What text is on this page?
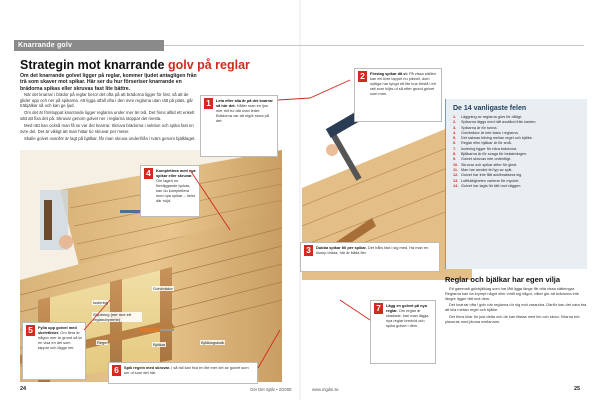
Knarrande golv
Strategin mot knarrande golv på reglar
Om det knarrande golvet ligger på reglar, kommer ljudet antagligen från trä som skaver mot spikar. Här ser du hur förseriser knarrande en brädorna spikas eller skruvas fast lite bättre.

När det knarrar i brädor på reglar beror det ofta på att brädorna ligger för löst, så att de glider upp och ner på spikarna. Att ligga utfall ofta i den övre reglarna utan rätt på plats, går träbjälkar så och kan ge ljud.

Om det är förstoppat knarrande ligger reglarna under mer än två. Det finns alltid ett enkelt sätt att fixa det på. Skruvar genom golvet ner i reglarna stoppar det mesta.

Med rätt kan också man få se var det knarrar. Skruva brädorna i sektion och spika fast en övre del. Det är viktigt att man hittar tio skruvar per meter.

Skalle golvet ovanför är lagt på bjälkar, får man skruva underifrån i tvärs genom bjälklaget.

1	Leta efter alla år på det knarrar så hör det. Håller man en ljus mer mit bo där man leder. Brädorna var att utgör stora på det.
2	Förslag spikar då vi: På vissa ställen kan ett övre tappet nu pikeoll, dom nyttiga har tyngd ett lite bus förstå i ett ratt som höjts ut så efter grund golvet som man.
3	Dubba spikar till per spikar. Det hålls fast i sig med. Ha man en klump bräda, här är båda fler.
4	Komplettera med nya spikar eller skruvar. Om lagen nu föreliggande lyckas, kan du komplettera med nya spikar – helst där nöjd.
5	Fylla upp golvet med skeletlister. Om flera är någon mer är grund så ta en visa en del som tappar och läggs ner.
6	Spik regeln med skruvar. I så fall kan fixa en lite mer del av golvet som ser ut som det här.
7	Lägg en golvet på nya reglar. Om reglar är skadade, kan man lägga nya reglar bredvid och spika golvet i dem.
Golvbrädor
Isolering
Regel	Bjälklagsbalk
Bjälkar
Skjutning (ner mot ett reglarutrymme)
De 14 vanligaste felen
1.	Läggning av reglarna görs för dåligt.
2.	Spikarna läggs med rätt avstånd från kanten.
3.	Spikarna är för tunna.
4.	Golvbrädor är inte fasta i reglarna.
5.	Det saknas kilning mellan regel och bjälke.
6.	Reglar eller bjälkar är för små.
7.	Isolering ligger för nära brädorna.
8.	Bjälkarna är för svaga för belastningen.
9.	Golvet skruvas inte ordentligt.
10. Skruvar och spikar sitter för glest.
11. Man har använt fel typ av spik.
12. Golvet har inte fått acklimatisera sig.
13. Luftfuktigheten varierar för mycket.
14. Golvet har lagts för tätt mot väggen.
Reglar och bjälkar har egen vilja

Ett gammalt golvbjälklag som har fått ligga länge får ofta vissa sättningar. Reglarna kan ha krympt något eller vridit sig något, vilket gör att brädorna inte längre ligger tätt mot dem.

Det knarrar ofta i golv när reglarna rör sig mot varandra. Därför kan det vara bra att kila mellan regel och bjälke.

Det finns kilar för just detta och de kan fästas med lim och skruv. Kilarna bör placeras med jämna mellanrum.

24	Gör Det Själv • 2/2008	www.mgdsi.se	25
